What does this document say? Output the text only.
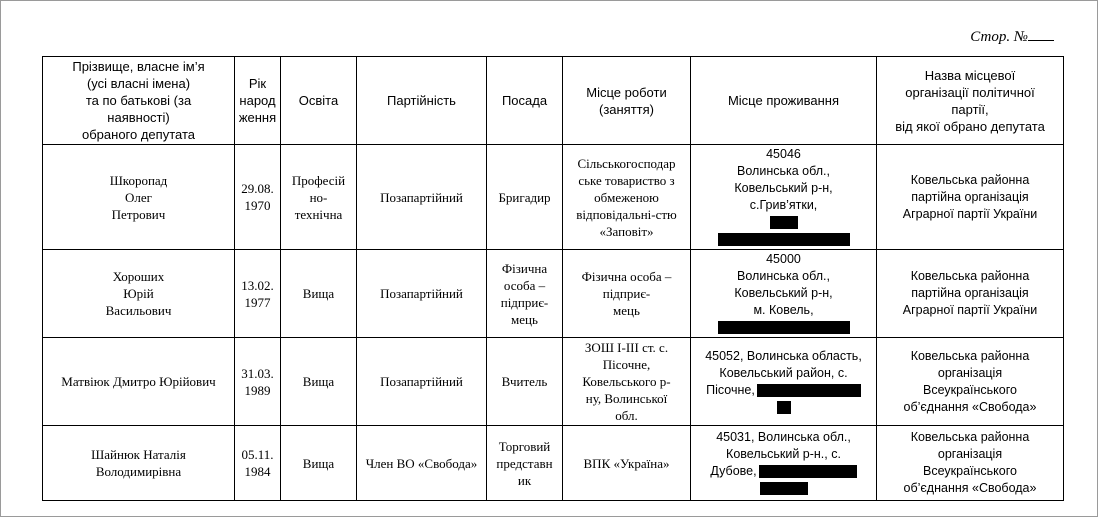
Стор. №
Прізвище, власне ім’я
(усі власні імена)
та по батькові (за
наявності)
обраного депутата	Рік
народ
ження	Освіта	Партійність	Посада	Місце роботи
(заняття)	Місце проживання	Назва місцевої
організації політичної
партії,
від якої обрано депутата

Шкоропад
Олег
Петрович	29.08.
1970	Професій
но-
технічна	Позапартійний	Бригадир	Сільськогосподар
ське товариство з
обмеженою
відповідальні-стю
«Заповіт»	45046
Волинська обл.,
Ковельський р-н,
с.Грив’ятки,	Ковельська районна
партійна організація
Аграрної партії України

Хороших
Юрій
Васильович	13.02.
1977	Вища	Позапартійний	Фізична
особа –
підприє-
мець	Фізична особа –
підприє-
мець	45000
Волинська обл.,
Ковельський р-н,
м. Ковель,	Ковельська районна
партійна організація
Аграрної партії України

Матвіюк Дмитро Юрійович	31.03.
1989	Вища	Позапартійний	Вчитель	ЗОШ I-III ст. с.
Пісочне,
Ковельського р-
ну, Волинської
обл.	45052, Волинська область,
Ковельський район, с.
Пісочне,	Ковельська районна
організація
Всеукраїнського
об’єднання «Свобода»

Шайнюк Наталія
Володимирівна	05.11.
1984	Вища	Член ВО «Свобода»	Торговий
представн
ик	ВПК «Україна»	45031, Волинська обл.,
Ковельський р-н., с.
Дубове,	Ковельська районна
організація
Всеукраїнського
об’єднання «Свобода»
